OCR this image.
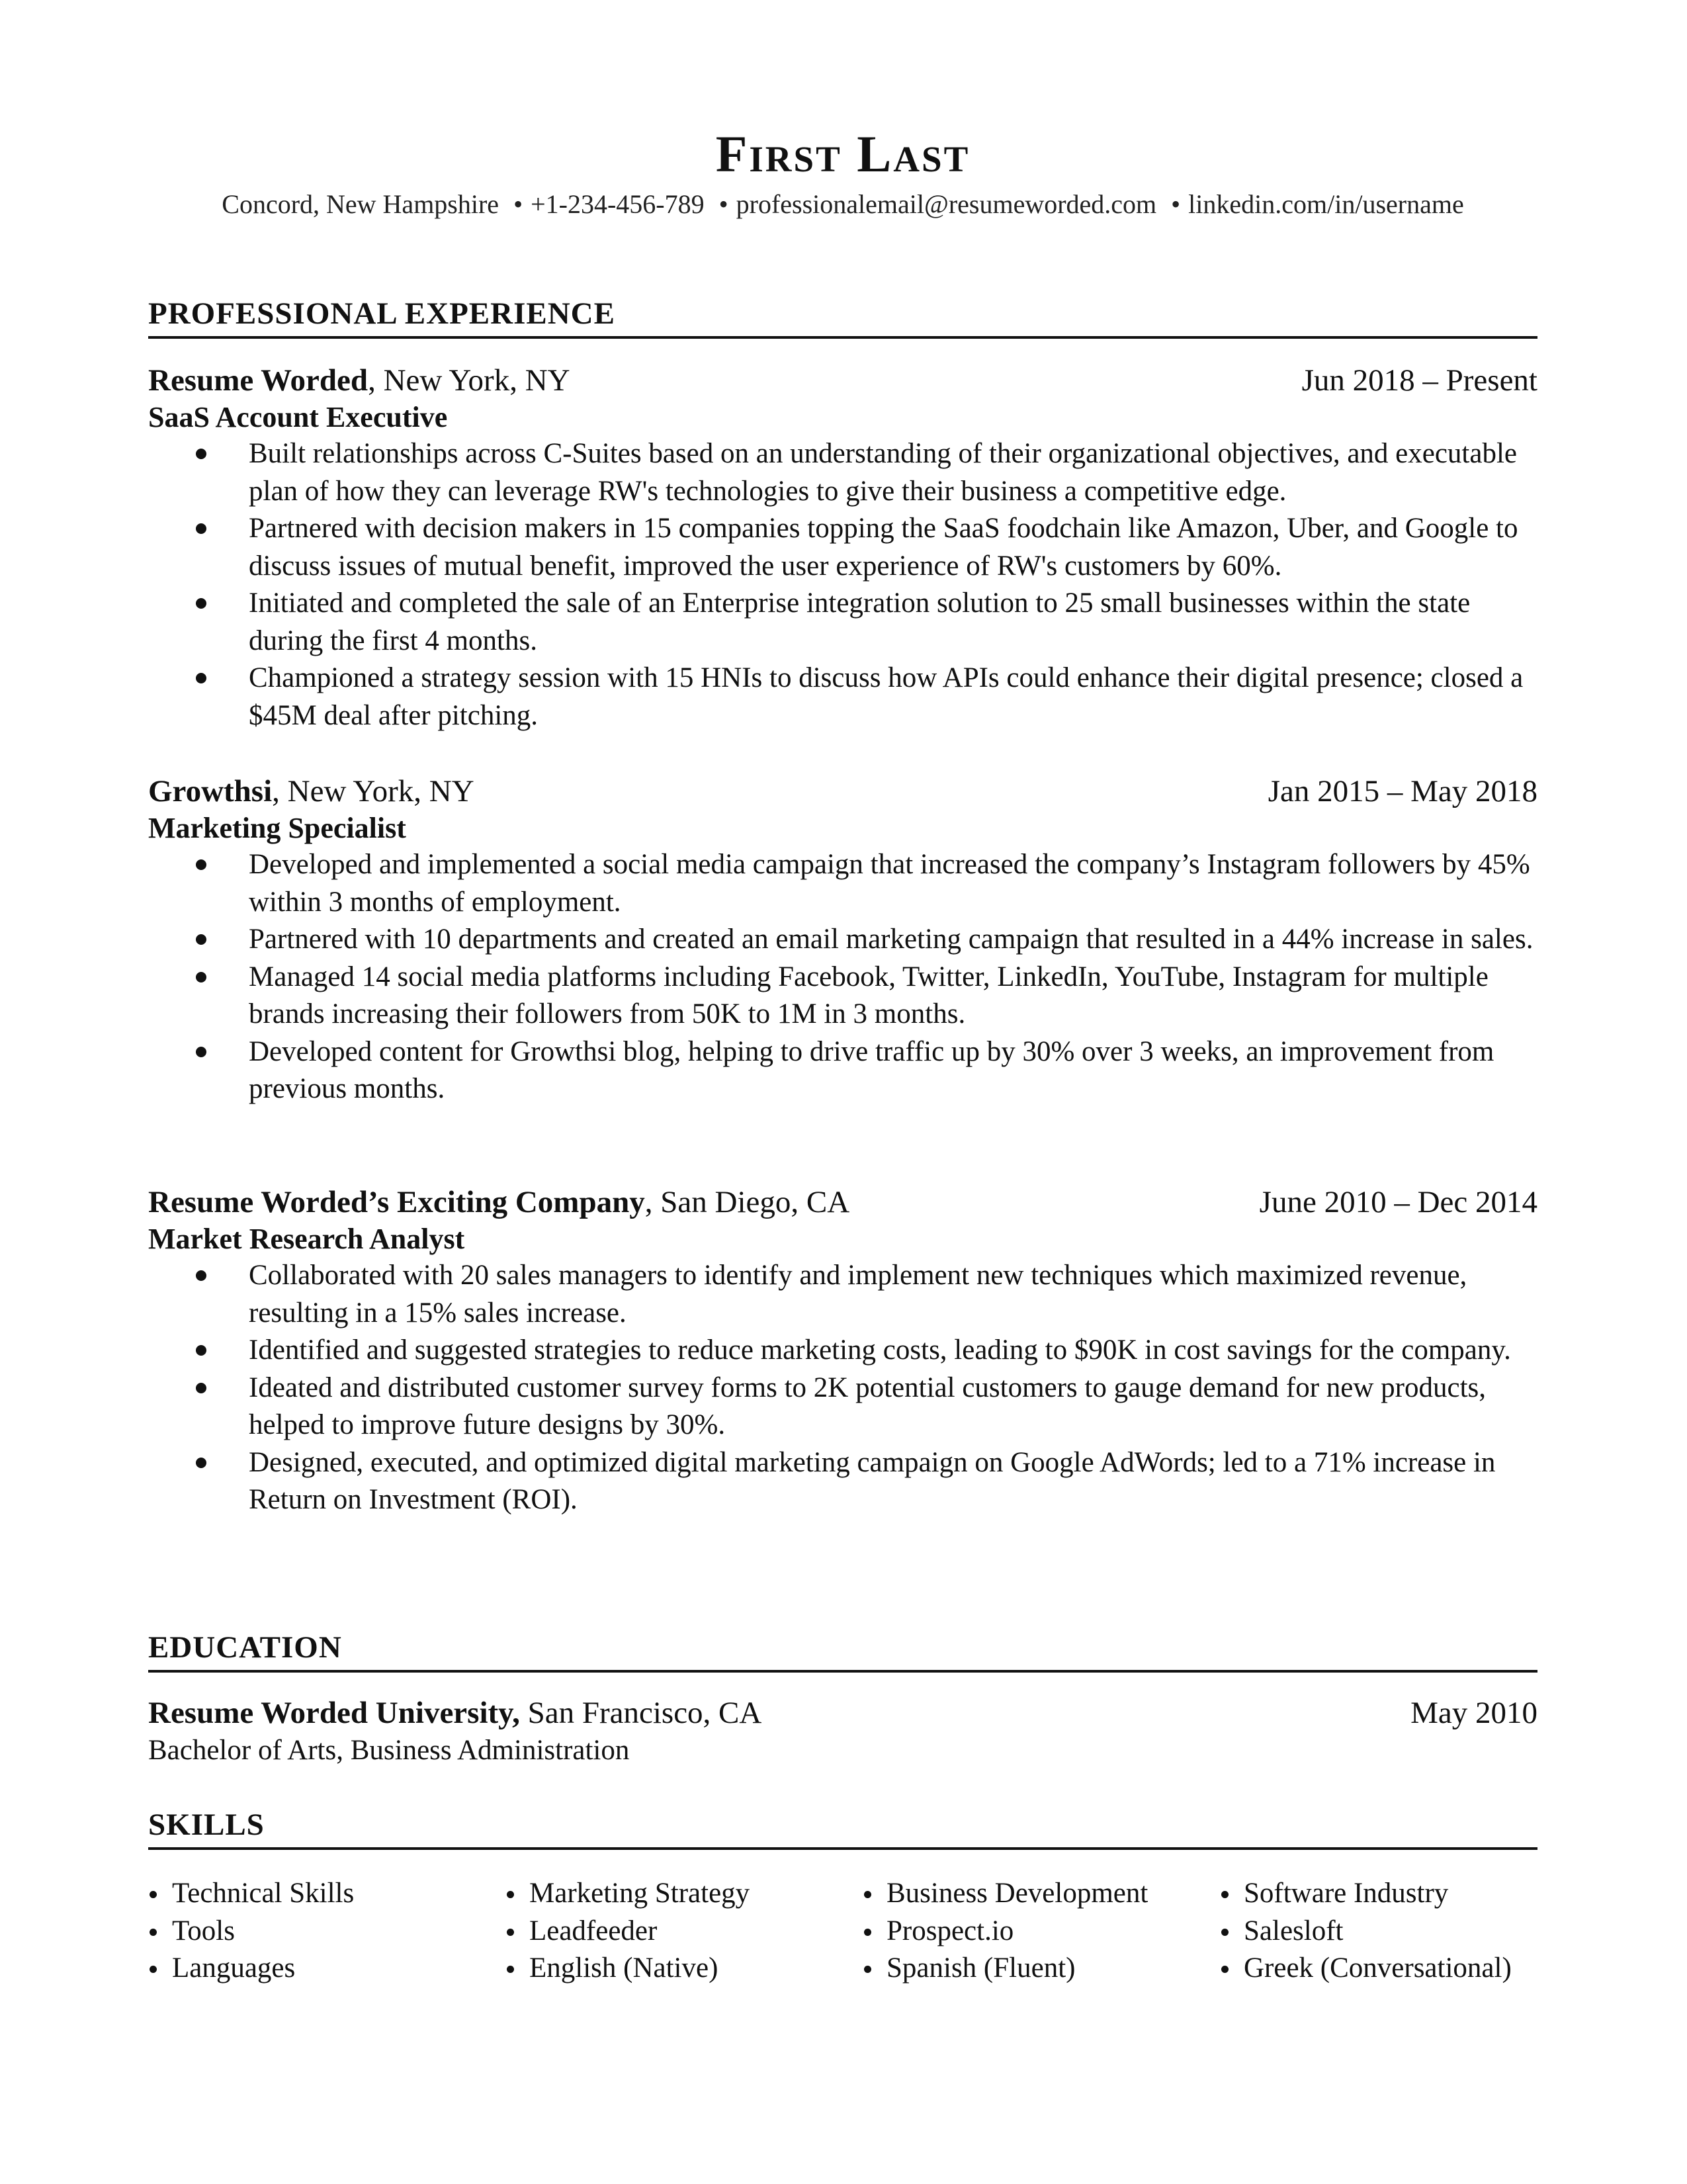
First Last
Concord, New Hampshire • +1-234-456-789 • professionalemail@resumeworded.com • linkedin.com/in/username
PROFESSIONAL EXPERIENCE
Resume Worded, New York, NY	Jun 2018 – Present
SaaS Account Executive
Built relationships across C-Suites based on an understanding of their organizational objectives, and executable plan of how they can leverage RW's technologies to give their business a competitive edge.
Partnered with decision makers in 15 companies topping the SaaS foodchain like Amazon, Uber, and Google to discuss issues of mutual benefit, improved the user experience of RW's customers by 60%.
Initiated and completed the sale of an Enterprise integration solution to 25 small businesses within the state during the first 4 months.
Championed a strategy session with 15 HNIs to discuss how APIs could enhance their digital presence; closed a $45M deal after pitching.
Growthsi, New York, NY	Jan 2015 – May 2018
Marketing Specialist
Developed and implemented a social media campaign that increased the company’s Instagram followers by 45% within 3 months of employment.
Partnered with 10 departments and created an email marketing campaign that resulted in a 44% increase in sales.
Managed 14 social media platforms including Facebook, Twitter, LinkedIn, YouTube, Instagram for multiple brands increasing their followers from 50K to 1M in 3 months.
Developed content for Growthsi blog, helping to drive traffic up by 30% over 3 weeks, an improvement from previous months.
Resume Worded’s Exciting Company, San Diego, CA	June 2010 – Dec 2014
Market Research Analyst
Collaborated with 20 sales managers to identify and implement new techniques which maximized revenue, resulting in a 15% sales increase.
Identified and suggested strategies to reduce marketing costs, leading to $90K in cost savings for the company.
Ideated and distributed customer survey forms to 2K potential customers to gauge demand for new products, helped to improve future designs by 30%.
Designed, executed, and optimized digital marketing campaign on Google AdWords; led to a 71% increase in Return on Investment (ROI).
EDUCATION
Resume Worded University, San Francisco, CA	May 2010
Bachelor of Arts, Business Administration
SKILLS
Technical Skills
Tools
Languages
Marketing Strategy
Leadfeeder
English (Native)
Business Development
Prospect.io
Spanish (Fluent)
Software Industry
Salesloft
Greek (Conversational)
